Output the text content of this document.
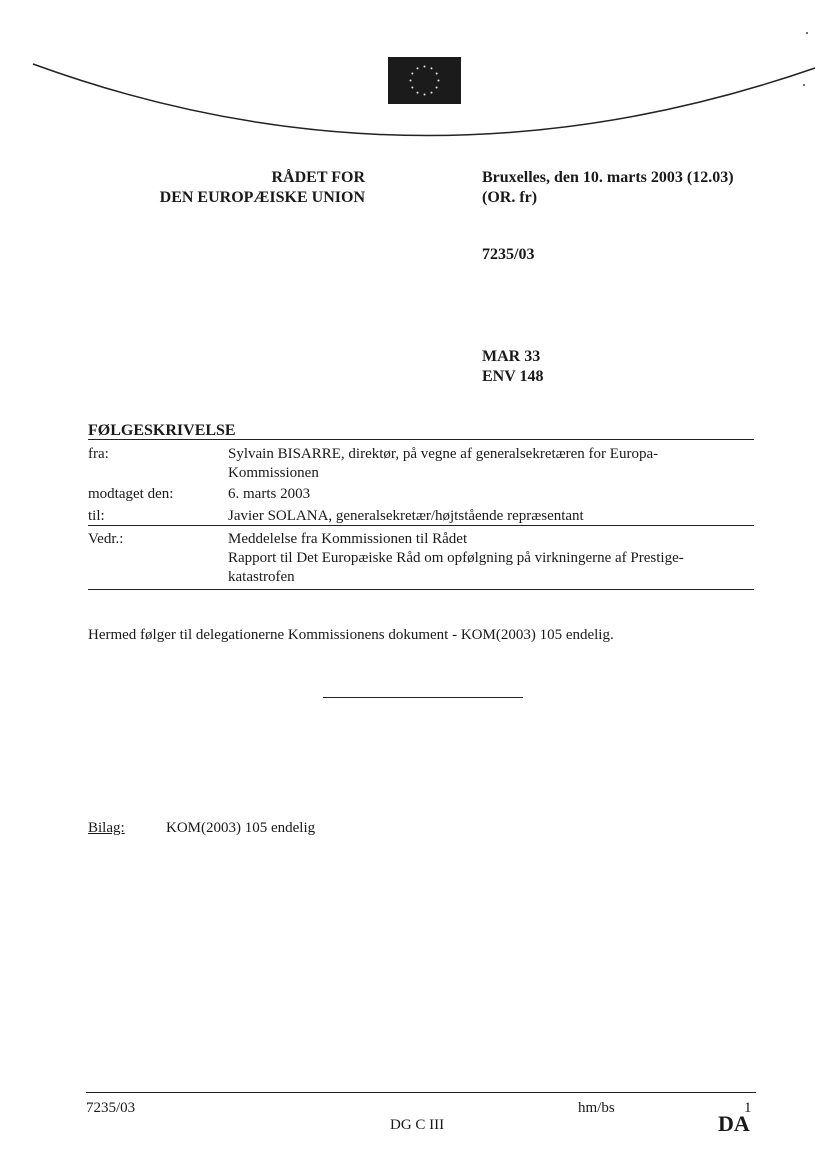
RÅDET FOR
DEN EUROPÆISKE UNION
Bruxelles, den 10. marts 2003 (12.03)
(OR. fr)
7235/03
MAR 33
ENV 148
FØLGESKRIVELSE
fra:	Sylvain BISARRE, direktør, på vegne af generalsekretæren for Europa-
Kommissionen
modtaget den:	6. marts 2003
til:	Javier SOLANA, generalsekretær/højtstående repræsentant
Vedr.:	Meddelelse fra Kommissionen til Rådet
Rapport til Det Europæiske Råd om opfølgning på virkningerne af Prestige-
katastrofen
Hermed følger til delegationerne Kommissionens dokument - KOM(2003) 105 endelig.
Bilag:	KOM(2003) 105 endelig
7235/03	hm/bs	1
DG C III	DA
